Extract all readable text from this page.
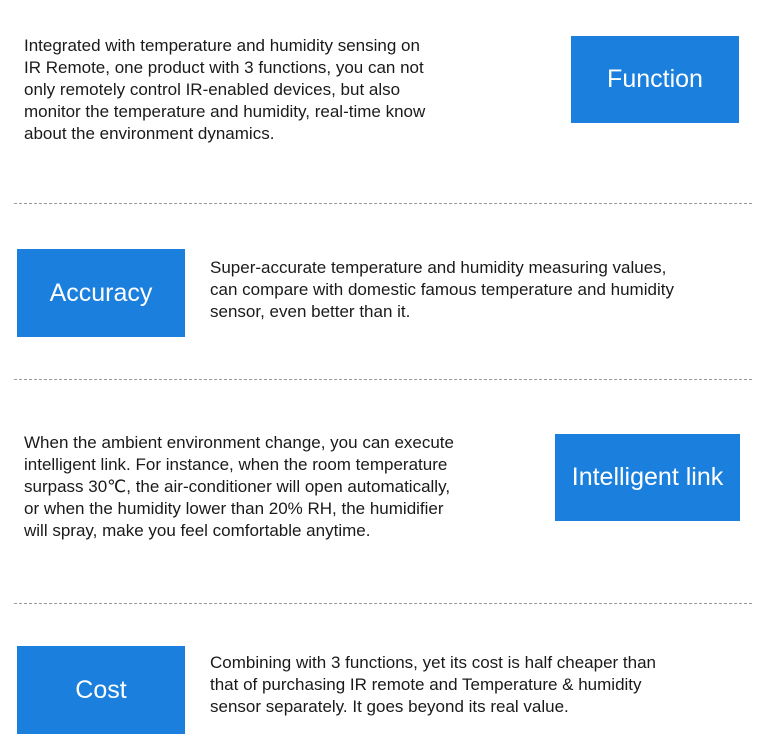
Integrated with temperature and humidity sensing on
IR Remote, one product with 3 functions, you can not
only remotely control IR-enabled devices, but also
monitor the temperature and humidity, real-time know
about the environment dynamics.
Function
Accuracy
Super-accurate temperature and humidity measuring values,
can compare with domestic famous temperature and humidity
sensor, even better than it.
When the ambient environment change, you can execute
intelligent link. For instance, when the room temperature
surpass 30℃, the air-conditioner will open automatically,
or when the humidity lower than 20% RH, the humidifier
will spray, make you feel comfortable anytime.
Intelligent link
Cost
Combining with 3 functions, yet its cost is half cheaper than
that of purchasing IR remote and Temperature & humidity
sensor separately. It goes beyond its real value.
